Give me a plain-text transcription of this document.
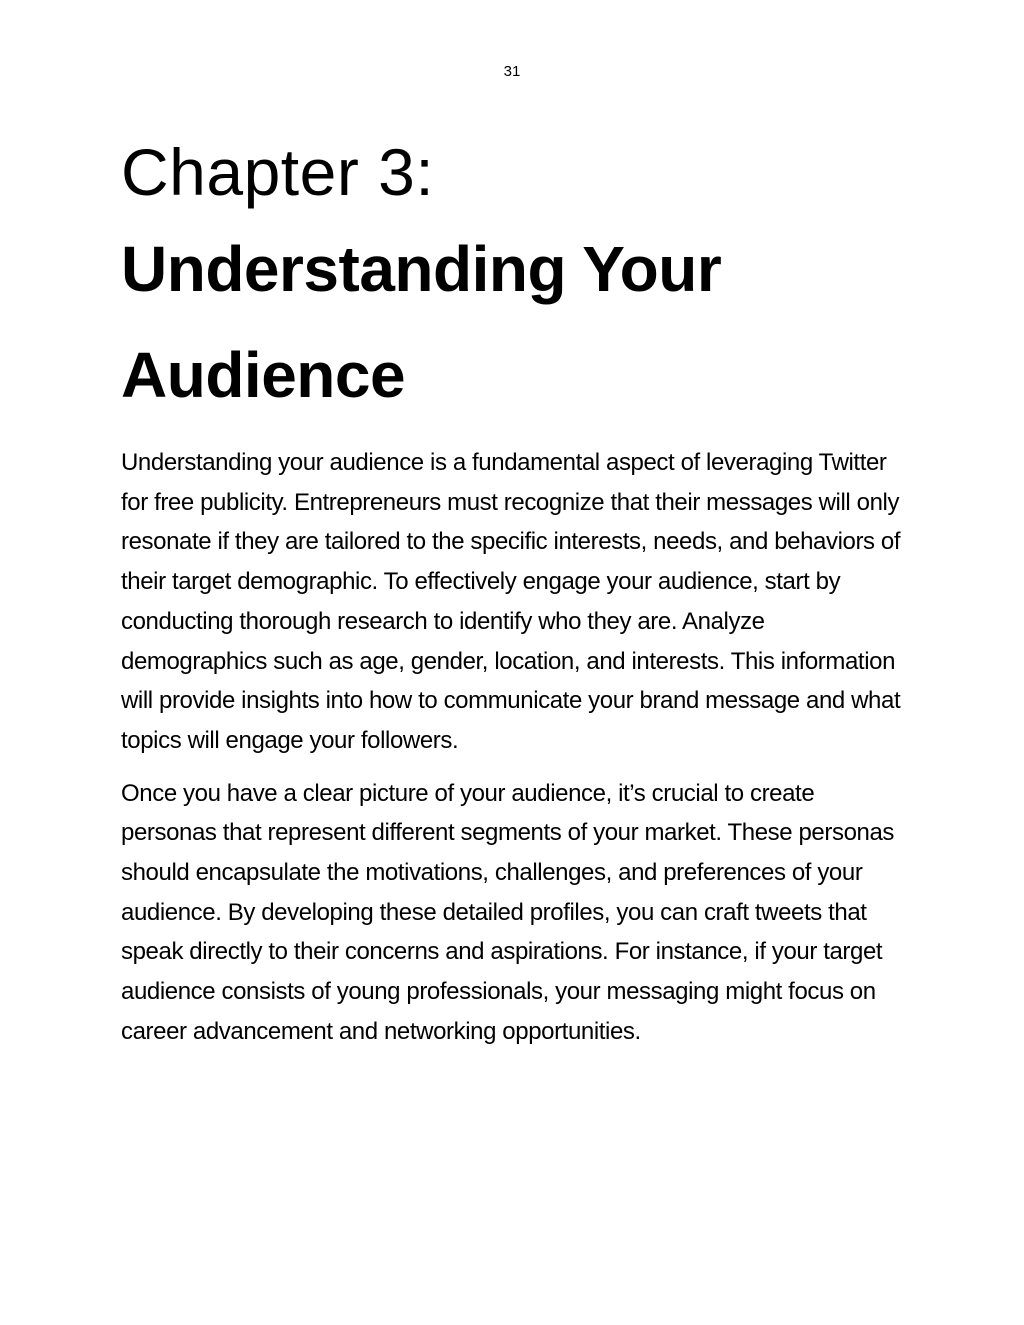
31
Chapter 3:
Understanding Your
Audience

Understanding your audience is a fundamental aspect of leveraging Twitter for free publicity. Entrepreneurs must recognize that their messages will only resonate if they are tailored to the specific interests, needs, and behaviors of their target demographic. To effectively engage your audience, start by conducting thorough research to identify who they are. Analyze demographics such as age, gender, location, and interests. This information will provide insights into how to communicate your brand message and what topics will engage your followers.

Once you have a clear picture of your audience, it’s crucial to create personas that represent different segments of your market. These personas should encapsulate the motivations, challenges, and preferences of your audience. By developing these detailed profiles, you can craft tweets that speak directly to their concerns and aspirations. For instance, if your target audience consists of young professionals, your messaging might focus on career advancement and networking opportunities.
